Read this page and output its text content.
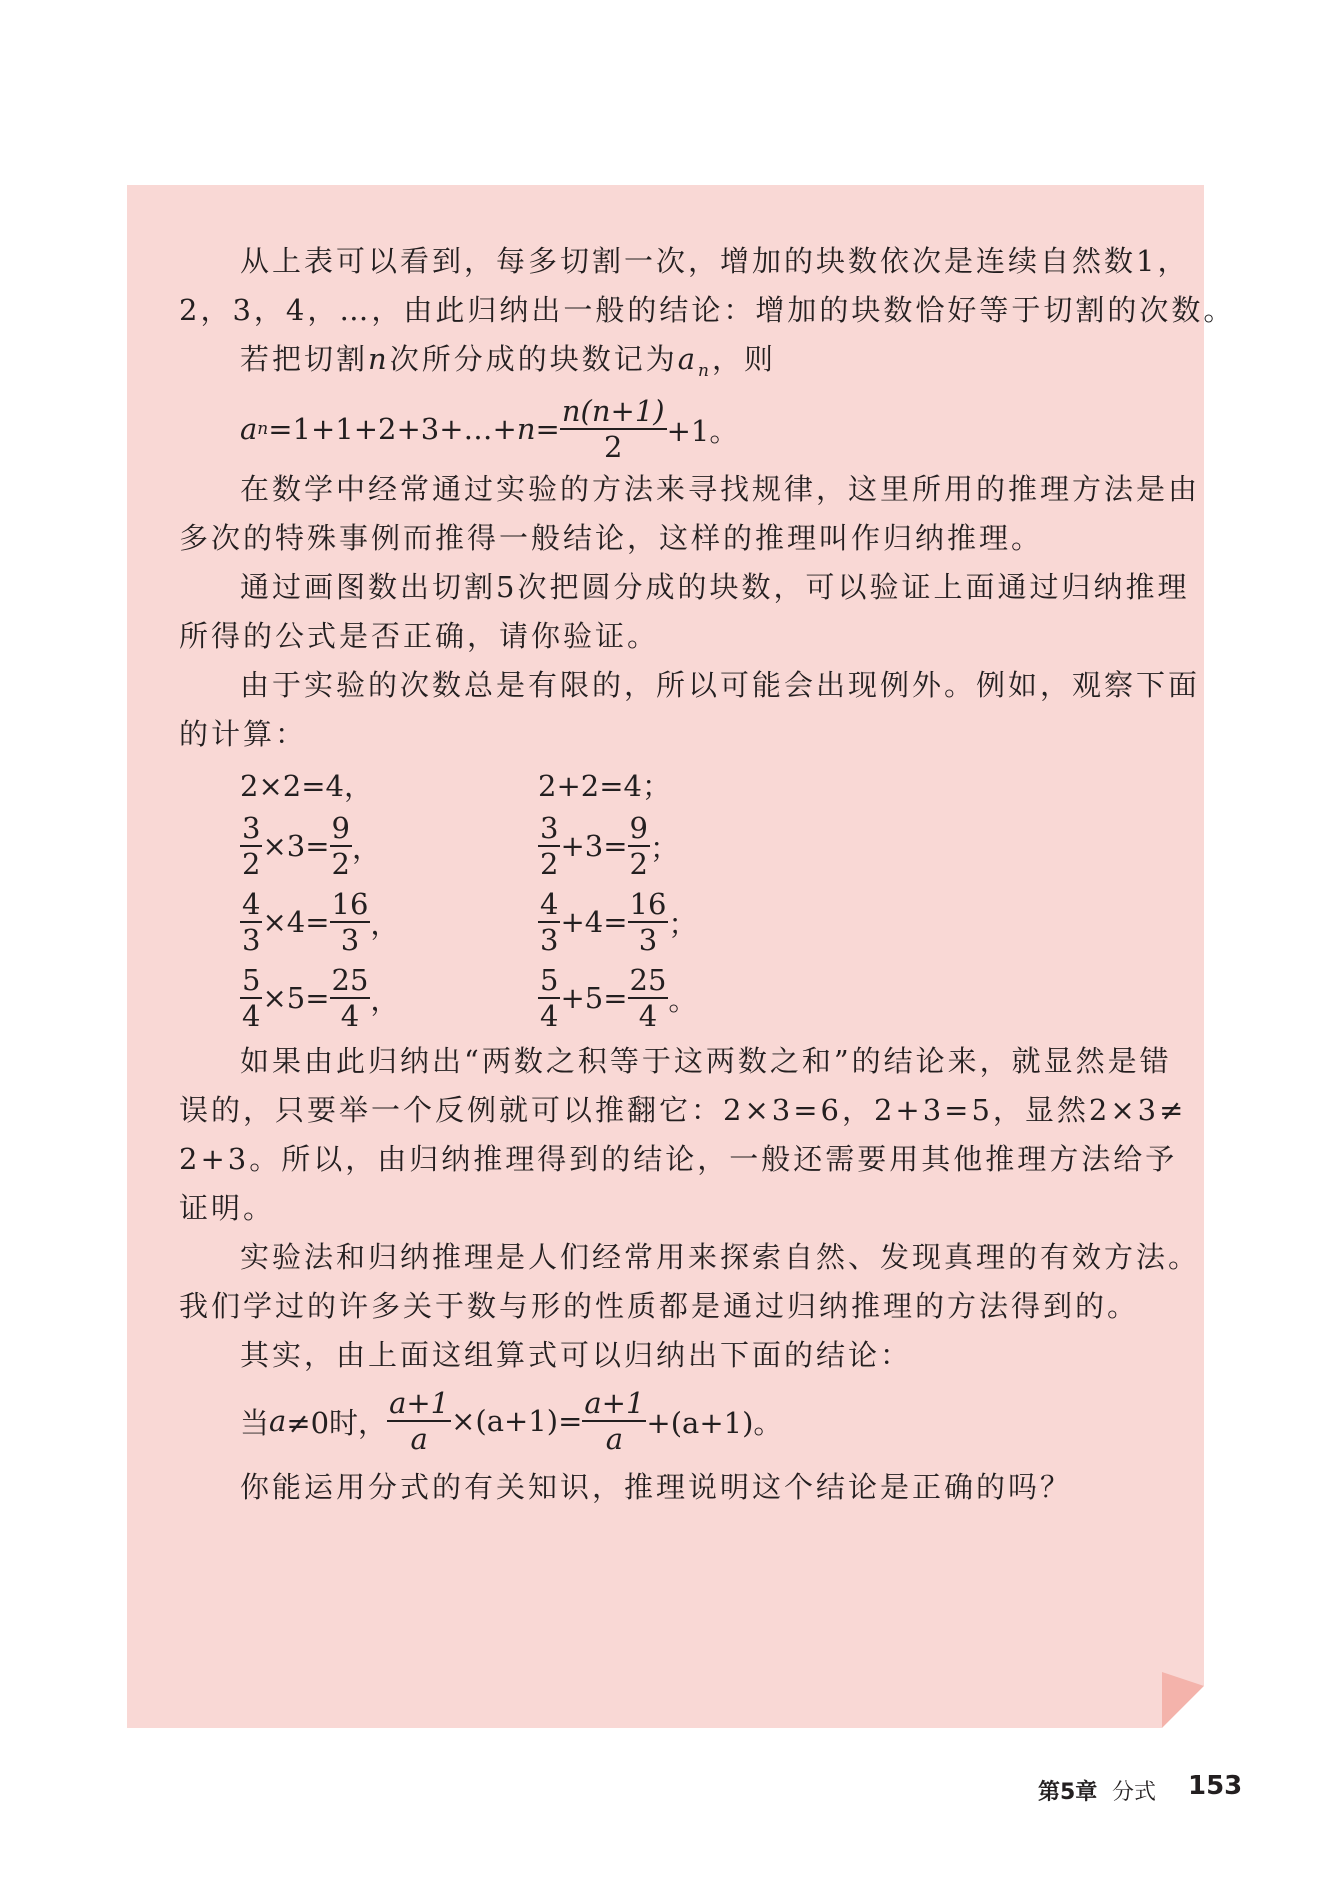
从上表可以看到，每多切割一次，增加的块数依次是连续自然数1，
2，3，4，…，由此归纳出一般的结论：增加的块数恰好等于切割的次数。
若把切割n次所分成的块数记为$a_n$，则
a n =1+1+2+3+…+ $n = \frac{n(n+1)}{2} +1$。
在数学中经常通过实验的方法来寻找规律，这里所用的推理方法是由
多次的特殊事例而推得一般结论，这样的推理叫作归纳推理。
通过画图数出切割5次把圆分成的块数，可以验证上面通过归纳推理
所得的公式是否正确，请你验证。
由于实验的次数总是有限的，所以可能会出现例外。例如，观察下面
的计算：
2×2=4，	2+2=4；
$\frac{3}{2} \times 3= \frac{9}{2}$ ，	$\frac{3}{2} +3= \frac{9}{2}$ ；
$\frac{4}{3} \times 4= \frac{16}{3}$ ，	$\frac{4}{3} +4= \frac{16}{3}$ ；
$\frac{5}{4} \times 5= \frac{25}{4}$ ，	$\frac{5}{4} +5= \frac{25}{4}$ 。
如果由此归纳出“两数之积等于这两数之和”的结论来，就显然是错
误的，只要举一个反例就可以推翻它：2×3=6，2+3=5，显然2×3≠
2+3。所以，由归纳推理得到的结论，一般还需要用其他推理方法给予
证明。
实验法和归纳推理是人们经常用来探索自然、发现真理的有效方法。
我们学过的许多关于数与形的性质都是通过归纳推理的方法得到的。
其实，由上面这组算式可以归纳出下面的结论：
当 a ≠0时， $\frac{a+1}{a} \times(a+1)= \frac{a+1}{a} +(a+1)$。
你能运用分式的有关知识，推理说明这个结论是正确的吗？
第5章 分式 153
